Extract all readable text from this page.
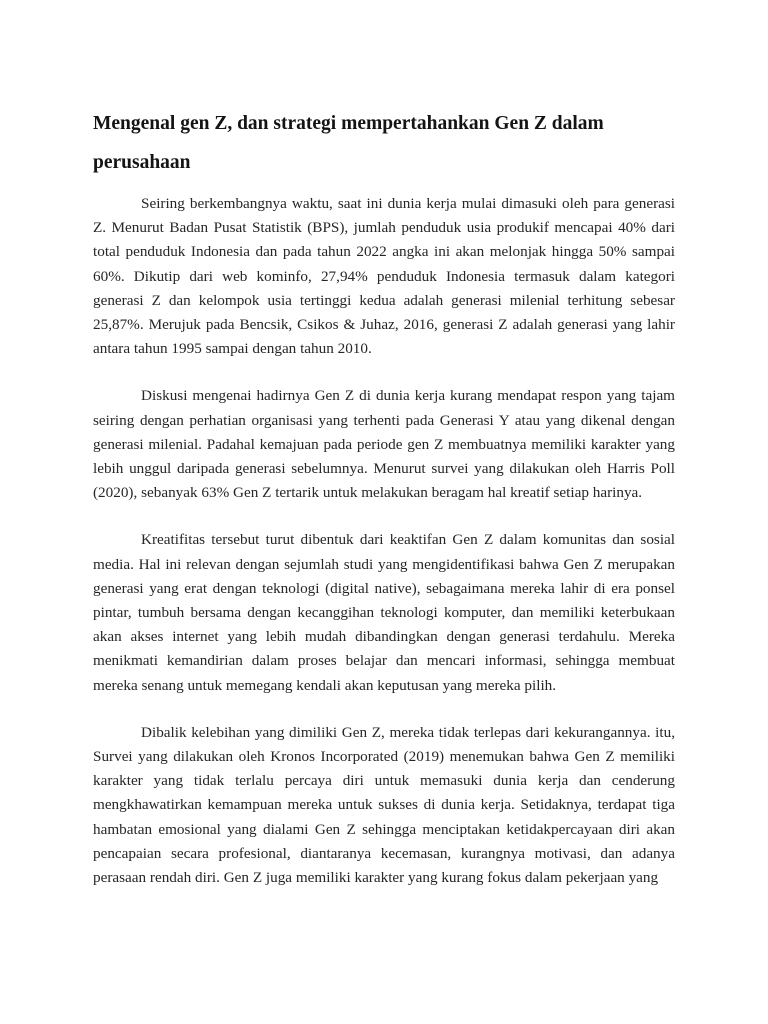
Mengenal gen Z, dan strategi mempertahankan Gen Z dalam perusahaan

Seiring berkembangnya waktu, saat ini dunia kerja mulai dimasuki oleh para generasi Z. Menurut Badan Pusat Statistik (BPS), jumlah penduduk usia produkif mencapai 40% dari total penduduk Indonesia dan pada tahun 2022 angka ini akan melonjak hingga 50% sampai 60%. Dikutip dari web kominfo, 27,94% penduduk Indonesia termasuk dalam kategori generasi Z dan kelompok usia tertinggi kedua adalah generasi milenial terhitung sebesar 25,87%. Merujuk pada Bencsik, Csikos & Juhaz, 2016, generasi Z adalah generasi yang lahir antara tahun 1995 sampai dengan tahun 2010.

Diskusi mengenai hadirnya Gen Z di dunia kerja kurang mendapat respon yang tajam seiring dengan perhatian organisasi yang terhenti pada Generasi Y atau yang dikenal dengan generasi milenial. Padahal kemajuan pada periode gen Z membuatnya memiliki karakter yang lebih unggul daripada generasi sebelumnya. Menurut survei yang dilakukan oleh Harris Poll (2020), sebanyak 63% Gen Z tertarik untuk melakukan beragam hal kreatif setiap harinya.

Kreatifitas tersebut turut dibentuk dari keaktifan Gen Z dalam komunitas dan sosial media. Hal ini relevan dengan sejumlah studi yang mengidentifikasi bahwa Gen Z merupakan generasi yang erat dengan teknologi (digital native), sebagaimana mereka lahir di era ponsel pintar, tumbuh bersama dengan kecanggihan teknologi komputer, dan memiliki keterbukaan akan akses internet yang lebih mudah dibandingkan dengan generasi terdahulu. Mereka menikmati kemandirian dalam proses belajar dan mencari informasi, sehingga membuat mereka senang untuk memegang kendali akan keputusan yang mereka pilih.

Dibalik kelebihan yang dimiliki Gen Z, mereka tidak terlepas dari kekurangannya. itu, Survei yang dilakukan oleh Kronos Incorporated (2019) menemukan bahwa Gen Z memiliki karakter yang tidak terlalu percaya diri untuk memasuki dunia kerja dan cenderung mengkhawatirkan kemampuan mereka untuk sukses di dunia kerja. Setidaknya, terdapat tiga hambatan emosional yang dialami Gen Z sehingga menciptakan ketidakpercayaan diri akan pencapaian secara profesional, diantaranya kecemasan, kurangnya motivasi, dan adanya perasaan rendah diri. Gen Z juga memiliki karakter yang kurang fokus dalam pekerjaan yang
